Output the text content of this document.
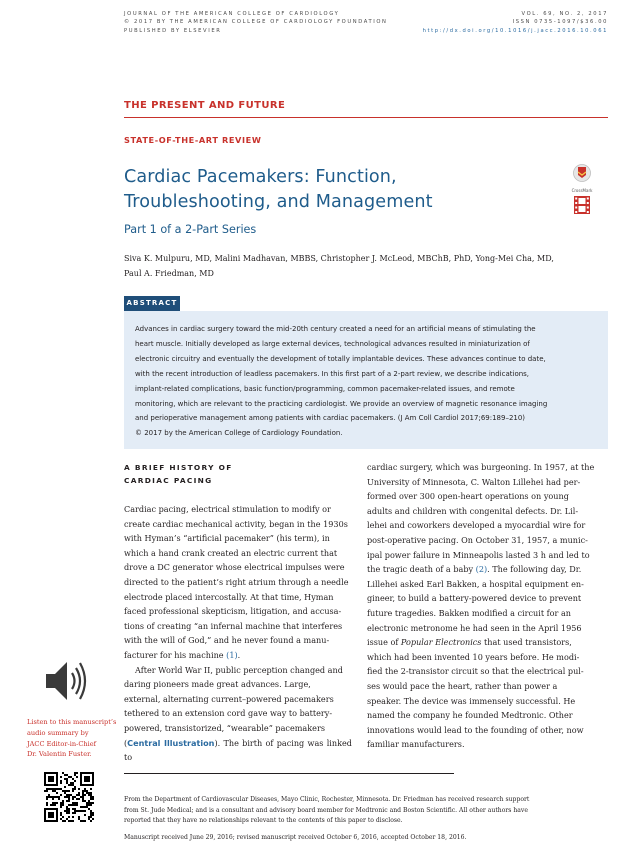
JOURNAL OF THE AMERICAN COLLEGE OF CARDIOLOGY
© 2017 BY THE AMERICAN COLLEGE OF CARDIOLOGY FOUNDATION
PUBLISHED BY ELSEVIER
VOL. 69, NO. 2, 2017
ISSN 0735-1097/$36.00
http://dx.doi.org/10.1016/j.jacc.2016.10.061
THE PRESENT AND FUTURE
STATE-OF-THE-ART REVIEW
Cardiac Pacemakers: Function,
Troubleshooting, and Management
Part 1 of a 2-Part Series
CrossMark
Siva K. Mulpuru, MD, Malini Madhavan, MBBS, Christopher J. McLeod, MBChB, PhD, Yong-Mei Cha, MD,
Paul A. Friedman, MD
ABSTRACT
Advances in cardiac surgery toward the mid-20th century created a need for an artificial means of stimulating the
heart muscle. Initially developed as large external devices, technological advances resulted in miniaturization of
electronic circuitry and eventually the development of totally implantable devices. These advances continue to date,
with the recent introduction of leadless pacemakers. In this first part of a 2-part review, we describe indications,
implant-related complications, basic function/programming, common pacemaker-related issues, and remote
monitoring, which are relevant to the practicing cardiologist. We provide an overview of magnetic resonance imaging
and perioperative management among patients with cardiac pacemakers. (J Am Coll Cardiol 2017;69:189–210)
© 2017 by the American College of Cardiology Foundation.
A BRIEF HISTORY OF
CARDIAC PACING
Cardiac pacing, electrical stimulation to modify or
create cardiac mechanical activity, began in the 1930s
with Hyman’s “artificial pacemaker” (his term), in
which a hand crank created an electric current that
drove a DC generator whose electrical impulses were
directed to the patient’s right atrium through a needle
electrode placed intercostally. At that time, Hyman
faced professional skepticism, litigation, and accusa-
tions of creating “an infernal machine that interferes
with the will of God,” and he never found a manu-
facturer for his machine (1).
After World War II, public perception changed and
daring pioneers made great advances. Large,
external, alternating current–powered pacemakers
tethered to an extension cord gave way to battery-
powered, transistorized, “wearable” pacemakers
(Central Illustration). The birth of pacing was linked to
cardiac surgery, which was burgeoning. In 1957, at the
University of Minnesota, C. Walton Lillehei had per-
formed over 300 open-heart operations on young
adults and children with congenital defects. Dr. Lil-
lehei and coworkers developed a myocardial wire for
post-operative pacing. On October 31, 1957, a munic-
ipal power failure in Minneapolis lasted 3 h and led to
the tragic death of a baby (2). The following day, Dr.
Lillehei asked Earl Bakken, a hospital equipment en-
gineer, to build a battery-powered device to prevent
future tragedies. Bakken modified a circuit for an
electronic metronome he had seen in the April 1956
issue of Popular Electronics that used transistors,
which had been invented 10 years before. He modi-
fied the 2-transistor circuit so that the electrical pul-
ses would pace the heart, rather than power a
speaker. The device was immensely successful. He
named the company he founded Medtronic. Other
innovations would lead to the founding of other, now
familiar manufacturers.
Listen to this manuscript’s
audio summary by
JACC Editor-in-Chief
Dr. Valentin Fuster.
From the Department of Cardiovascular Diseases, Mayo Clinic, Rochester, Minnesota. Dr. Friedman has received research support
from St. Jude Medical; and is a consultant and advisory board member for Medtronic and Boston Scientific. All other authors have
reported that they have no relationships relevant to the contents of this paper to disclose.
Manuscript received June 29, 2016; revised manuscript received October 6, 2016, accepted October 18, 2016.
